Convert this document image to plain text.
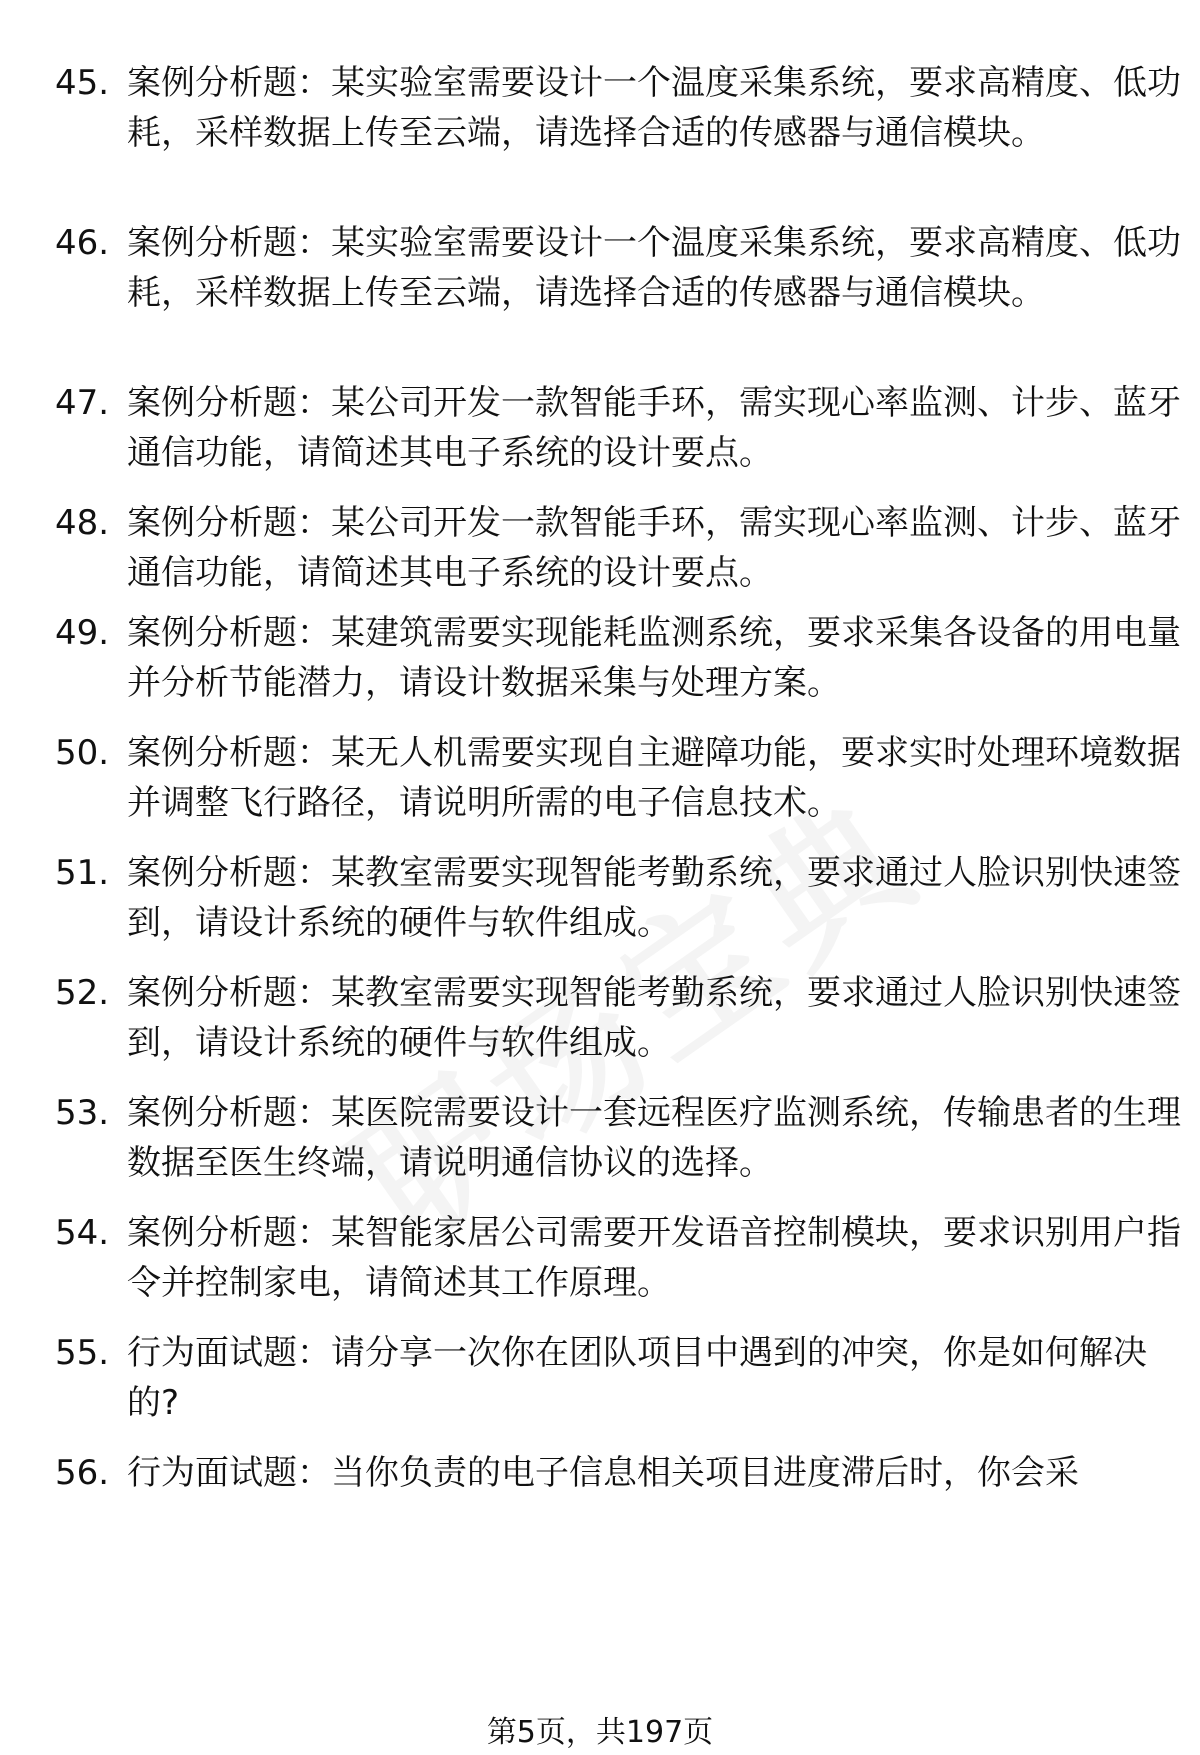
45. 案例分析题：某实验室需要设计一个温度采集系统，要求高精度、低功耗，采样数据上传至云端，请选择合适的传感器与通信模块。
46. 案例分析题：某实验室需要设计一个温度采集系统，要求高精度、低功耗，采样数据上传至云端，请选择合适的传感器与通信模块。
47. 案例分析题：某公司开发一款智能手环，需实现心率监测、计步、蓝牙通信功能，请简述其电子系统的设计要点。
48. 案例分析题：某公司开发一款智能手环，需实现心率监测、计步、蓝牙通信功能，请简述其电子系统的设计要点。
49. 案例分析题：某建筑需要实现能耗监测系统，要求采集各设备的用电量并分析节能潜力，请设计数据采集与处理方案。
50. 案例分析题：某无人机需要实现自主避障功能，要求实时处理环境数据并调整飞行路径，请说明所需的电子信息技术。
51. 案例分析题：某教室需要实现智能考勤系统，要求通过人脸识别快速签到，请设计系统的硬件与软件组成。
52. 案例分析题：某教室需要实现智能考勤系统，要求通过人脸识别快速签到，请设计系统的硬件与软件组成。
53. 案例分析题：某医院需要设计一套远程医疗监测系统，传输患者的生理数据至医生终端，请说明通信协议的选择。
54. 案例分析题：某智能家居公司需要开发语音控制模块，要求识别用户指令并控制家电，请简述其工作原理。
55. 行为面试题：请分享一次你在团队项目中遇到的冲突，你是如何解决的?
56. 行为面试题：当你负责的电子信息相关项目进度滞后时，你会采
第5页，共197页
